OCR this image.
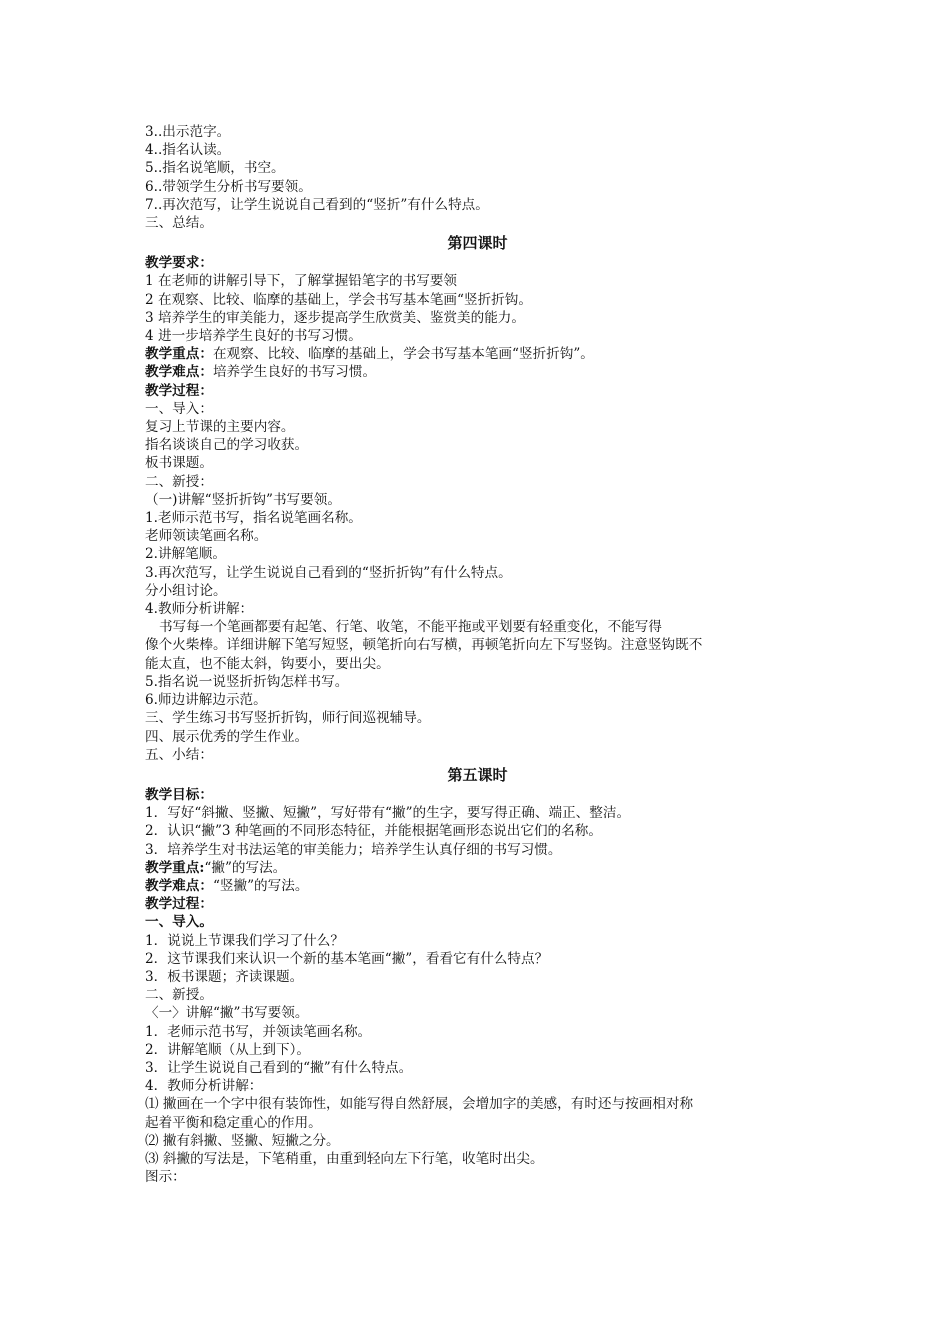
3..出示范字。
4..指名认读。
5..指名说笔顺，书空。
6..带领学生分析书写要领。
7..再次范写，让学生说说自己看到的“竖折”有什么特点。
三、总结。
第四课时
教学要求：
1 在老师的讲解引导下，了解掌握铅笔字的书写要领
2 在观察、比较、临摩的基础上，学会书写基本笔画“竖折折钩。
3 培养学生的审美能力，逐步提高学生欣赏美、鉴赏美的能力。
4 进一步培养学生良好的书写习惯。
教学重点：在观察、比较、临摩的基础上，学会书写基本笔画“竖折折钩”。
教学难点：培养学生良好的书写习惯。
教学过程：
一、导入：
复习上节课的主要内容。
指名谈谈自己的学习收获。
板书课题。
二、新授：
（一)讲解“竖折折钩”书写要领。
1.老师示范书写，指名说笔画名称。
老师领读笔画名称。
2.讲解笔顺。
3.再次范写，让学生说说自己看到的“竖折折钩”有什么特点。
分小组讨论。
4.教师分析讲解：
书写每一个笔画都要有起笔、行笔、收笔，不能平拖或平划要有轻重变化，不能写得
像个火柴棒。详细讲解下笔写短竖，顿笔折向右写横，再顿笔折向左下写竖钩。注意竖钩既不
能太直，也不能太斜，钩要小，要出尖。
5.指名说一说竖折折钩怎样书写。
6.师边讲解边示范。
三、学生练习书写竖折折钩，师行间巡视辅导。
四、展示优秀的学生作业。
五、小结：
第五课时
教学目标：
1．写好“斜撇、竖撇、短撇”，写好带有“撇”的生字，要写得正确、端正、整洁。
2．认识“撇”3 种笔画的不同形态特征，并能根据笔画形态说出它们的名称。
3．培养学生对书法运笔的审美能力；培养学生认真仔细的书写习惯。
教学重点:“撇”的写法。
教学难点：“竖撇”的写法。
教学过程：
一、导入。
1．说说上节课我们学习了什么？
2．这节课我们来认识一个新的基本笔画“撇”，看看它有什么特点？
3．板书课题；齐读课题。
二、新授。
〈一〉讲解“撇”书写要领。
1．老师示范书写，并领读笔画名称。
2．讲解笔顺（从上到下）。
3．让学生说说自己看到的“撇”有什么特点。
4．教师分析讲解：
⑴ 撇画在一个字中很有装饰性，如能写得自然舒展，会增加字的美感，有时还与按画相对称
起着平衡和稳定重心的作用。
⑵ 撇有斜撇、竖撇、短撇之分。
⑶ 斜撇的写法是，下笔稍重，由重到轻向左下行笔，收笔时出尖。
图示：
